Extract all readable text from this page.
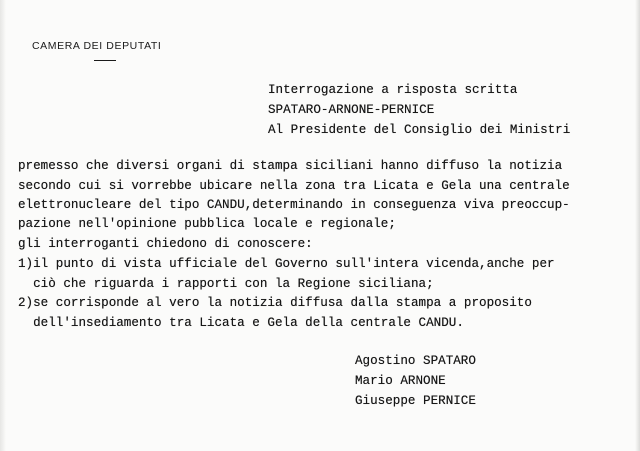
CAMERA DEI DEPUTATI
Interrogazione a risposta scritta
SPATARO-ARNONE-PERNICE
Al Presidente del Consiglio dei Ministri
premesso che diversi organi di stampa siciliani hanno diffuso la notizia
secondo cui si vorrebbe ubicare nella zona tra Licata e Gela una centrale
elettronucleare del tipo CANDU,determinando in conseguenza viva preoccup-
pazione nell'opinione pubblica locale e regionale;
gli interroganti chiedono di conoscere:
1)il punto di vista ufficiale del Governo sull'intera vicenda,anche per
ciò che riguarda i rapporti con la Regione siciliana;
2)se corrisponde al vero la notizia diffusa dalla stampa a proposito
dell'insediamento tra Licata e Gela della centrale CANDU.
Agostino SPATARO
Mario ARNONE
Giuseppe PERNICE
